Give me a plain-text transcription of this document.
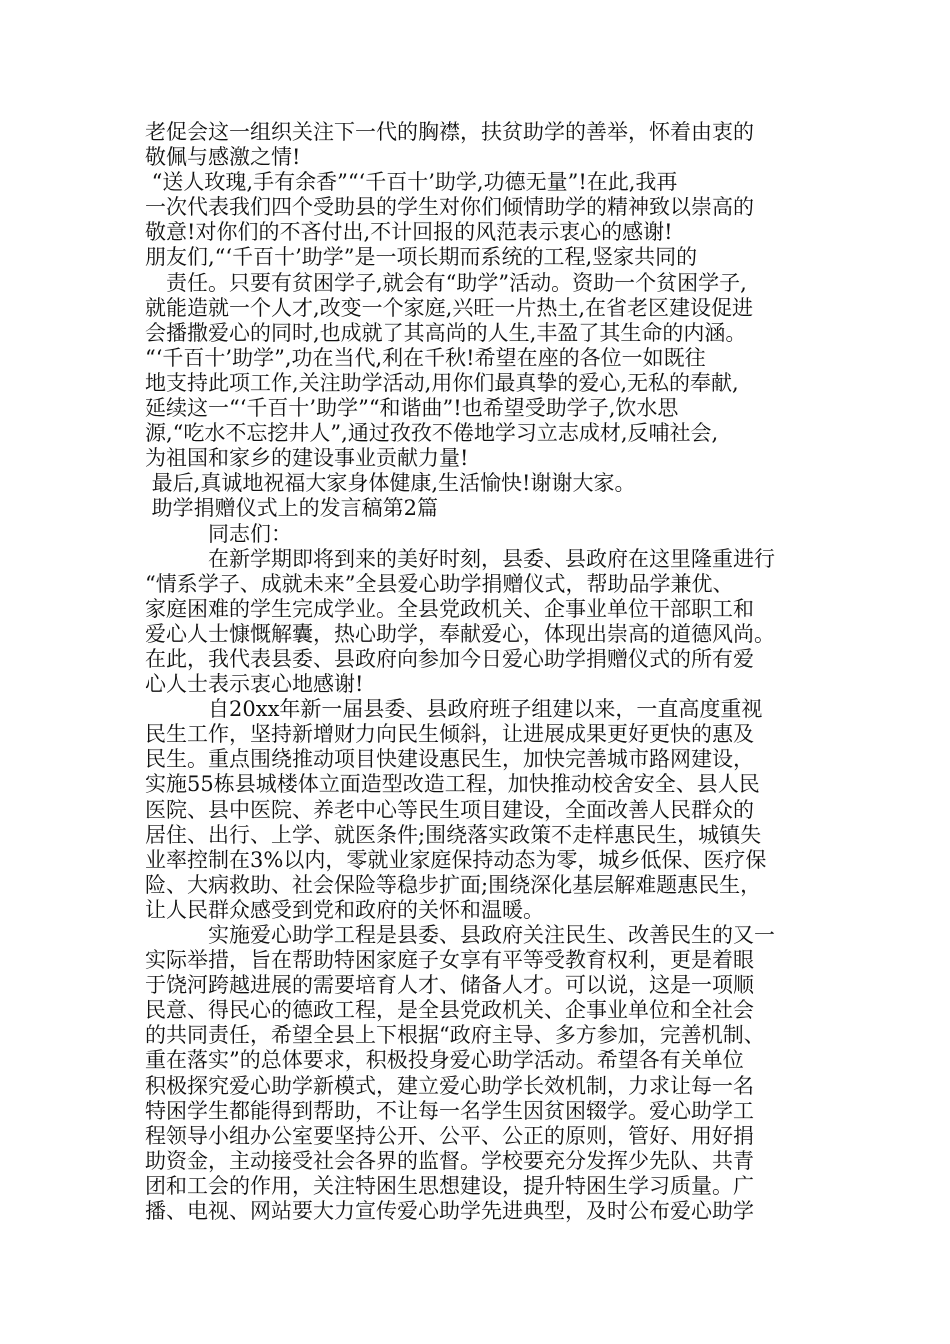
老促会这一组织关注下一代的胸襟，扶贫助学的善举，怀着由衷的
敬佩与感激之情!
“送人玫瑰,手有余香”“‘千百十’助学,功德无量”!在此,我再
一次代表我们四个受助县的学生对你们倾情助学的精神致以崇高的
敬意!对你们的不吝付出,不计回报的风范表示衷心的感谢!
朋友们,“‘千百十’助学”是一项长期而系统的工程,竖家共同的
　责任。只要有贫困学子,就会有“助学”活动。资助一个贫困学子,
就能造就一个人才,改变一个家庭,兴旺一片热土,在省老区建设促进
会播撒爱心的同时,也成就了其高尚的人生,丰盈了其生命的内涵。
“‘千百十’助学”,功在当代,利在千秋!希望在座的各位一如既往
地支持此项工作,关注助学活动,用你们最真挚的爱心,无私的奉献,
延续这一“‘千百十’助学”“和谐曲”!也希望受助学子,饮水思
源,“吃水不忘挖井人”,通过孜孜不倦地学习立志成材,反哺社会,
为祖国和家乡的建设事业贡献力量!
最后,真诚地祝福大家身体健康,生活愉快!谢谢大家。
助学捐赠仪式上的发言稿第2篇
　　　同志们：
　　　在新学期即将到来的美好时刻，县委、县政府在这里隆重进行
“情系学子、成就未来”全县爱心助学捐赠仪式，帮助品学兼优、
家庭困难的学生完成学业。全县党政机关、企事业单位干部职工和
爱心人士慷慨解囊，热心助学，奉献爱心，体现出崇高的道德风尚。
在此，我代表县委、县政府向参加今日爱心助学捐赠仪式的所有爱
心人士表示衷心地感谢!
　　　自20xx年新一届县委、县政府班子组建以来，一直高度重视
民生工作，坚持新增财力向民生倾斜，让进展成果更好更快的惠及
民生。重点围绕推动项目快建设惠民生，加快完善城市路网建设，
实施55栋县城楼体立面造型改造工程，加快推动校舍安全、县人民
医院、县中医院、养老中心等民生项目建设，全面改善人民群众的
居住、出行、上学、就医条件;围绕落实政策不走样惠民生，城镇失
业率控制在3%以内，零就业家庭保持动态为零，城乡低保、医疗保
险、大病救助、社会保险等稳步扩面;围绕深化基层解难题惠民生，
让人民群众感受到党和政府的关怀和温暖。
　　　实施爱心助学工程是县委、县政府关注民生、改善民生的又一
实际举措，旨在帮助特困家庭子女享有平等受教育权利，更是着眼
于饶河跨越进展的需要培育人才、储备人才。可以说，这是一项顺
民意、得民心的德政工程，是全县党政机关、企事业单位和全社会
的共同责任，希望全县上下根据“政府主导、多方参加，完善机制、
重在落实”的总体要求，积极投身爱心助学活动。希望各有关单位
积极探究爱心助学新模式，建立爱心助学长效机制，力求让每一名
特困学生都能得到帮助，不让每一名学生因贫困辍学。爱心助学工
程领导小组办公室要坚持公开、公平、公正的原则，管好、用好捐
助资金，主动接受社会各界的监督。学校要充分发挥少先队、共青
团和工会的作用，关注特困生思想建设，提升特困生学习质量。广
播、电视、网站要大力宣传爱心助学先进典型，及时公布爱心助学
